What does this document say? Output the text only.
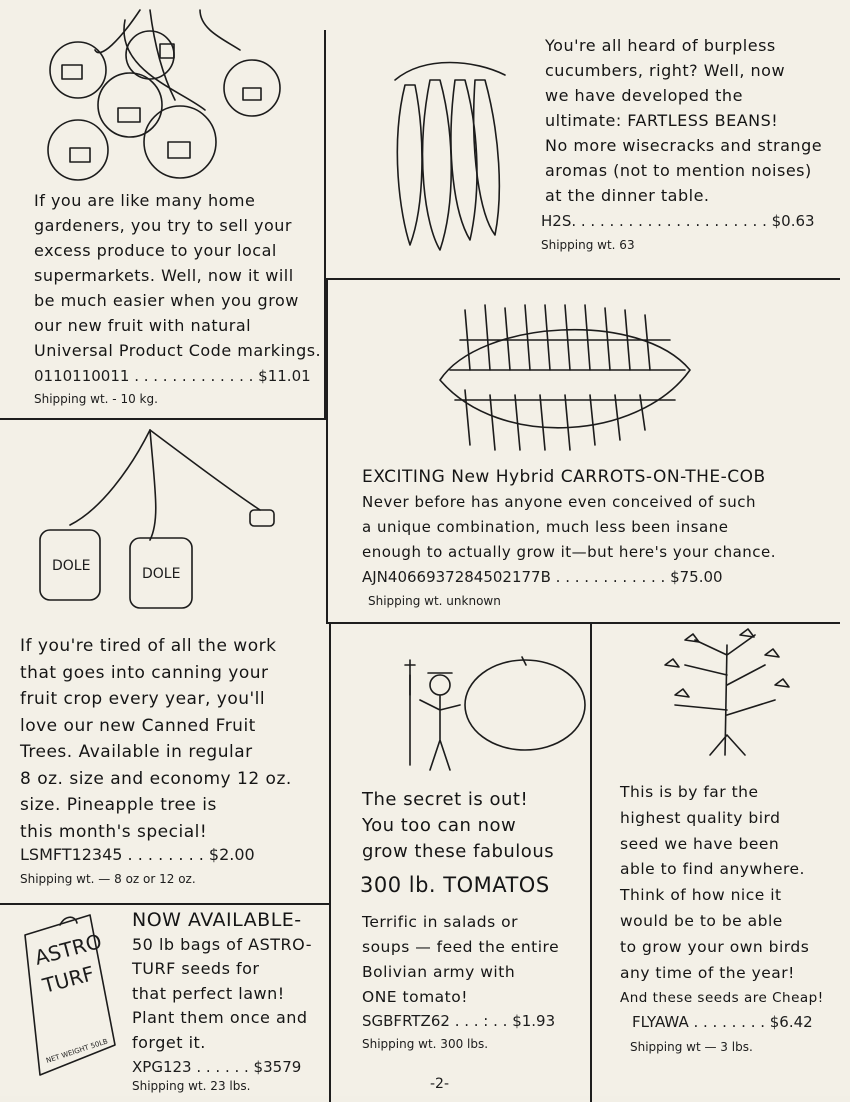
If you are like many home
gardeners, you try to sell your
excess produce to your local
supermarkets. Well, now it will
be much easier when you grow
our new fruit with natural
Universal Product Code markings.
0110110011 . . . . . . . . . . . . . $11.01
Shipping wt. - 10 kg.
You're all heard of burpless
cucumbers, right? Well, now
we have developed the
ultimate: FARTLESS BEANS!
No more wisecracks and strange
aromas (not to mention noises)
at the dinner table.
H2S. . . . . . . . . . . . . . . . . . . . . $0.63
Shipping wt. 63
EXCITING New Hybrid CARROTS-ON-THE-COB
Never before has anyone even conceived of such
a unique combination, much less been insane
enough to actually grow it—but here's your chance.
AJN4066937284502177B . . . . . . . . . . . . $75.00
Shipping wt. unknown
DOLE	DOLE
If you're tired of all the work
that goes into canning your
fruit crop every year, you'll
love our new Canned Fruit
Trees. Available in regular
8 oz. size and economy 12 oz.
size. Pineapple tree is
this month's special!
LSMFT12345 . . . . . . . . $2.00
Shipping wt. — 8 oz or 12 oz.
ASTRO
TURF
NET WEIGHT 50LB
NOW AVAILABLE-
50 lb bags of ASTRO-
TURF seeds for
that perfect lawn!
Plant them once and
forget it.
XPG123 . . . . . . $3579
Shipping wt. 23 lbs.
The secret is out!
You too can now
grow these fabulous
300 lb. TOMATOS
Terrific in salads or
soups — feed the entire
Bolivian army with
ONE tomato!
SGBFRTZ62 . . . : . . $1.93
Shipping wt. 300 lbs.
This is by far the
highest quality bird
seed we have been
able to find anywhere.
Think of how nice it
would be to be able
to grow your own birds
any time of the year!
And these seeds are Cheap!
FLYAWA . . . . . . . . $6.42
Shipping wt — 3 lbs.
-2-
